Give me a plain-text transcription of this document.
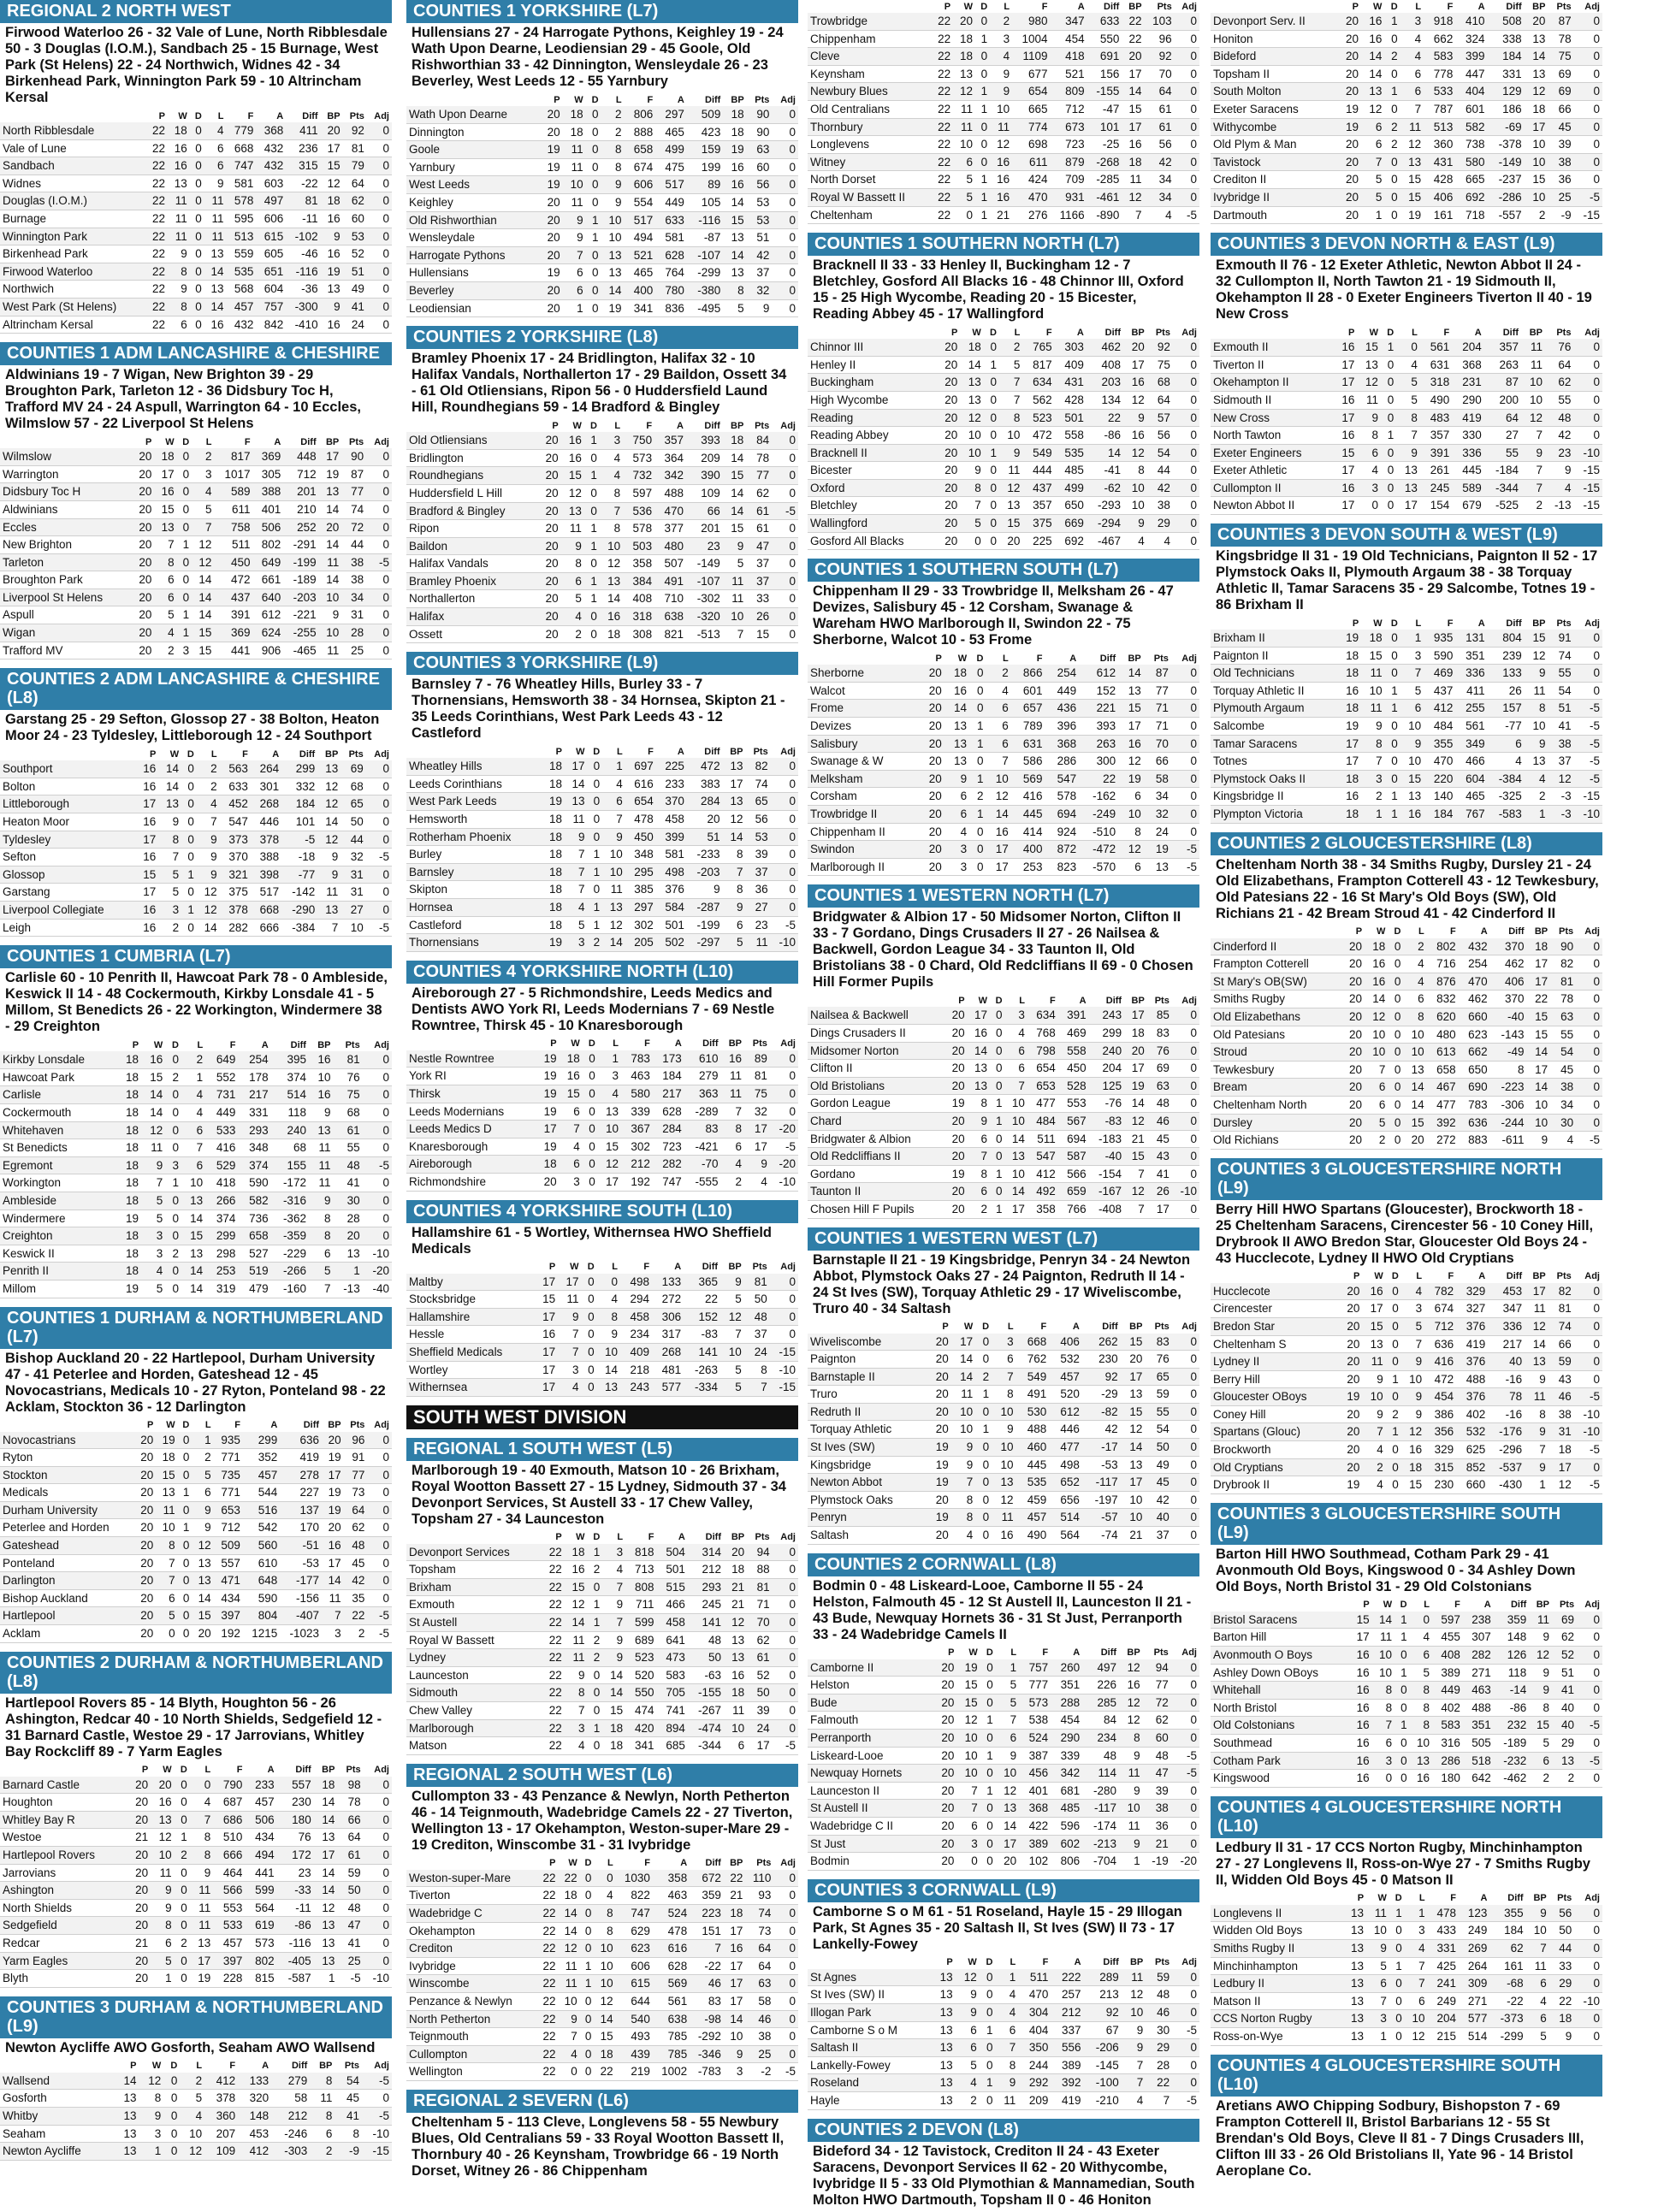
REGIONAL 2 NORTH WEST
Firwood Waterloo 26 - 32 Vale of Lune, North Ribblesdale 50 - 3 Douglas (I.O.M.), Sandbach 25 - 15 Burnage, West Park (St Helens) 22 - 24 Northwich, Widnes 42 - 34 Birkenhead Park, Winnington Park 59 - 10 Altrincham Kersal
	P	W	D	L	F	A	Diff	BP	Pts	Adj
North Ribblesdale	22	18	0	4	779	368	411	20	92	0
Vale of Lune	22	16	0	6	668	432	236	17	81	0
Sandbach	22	16	0	6	747	432	315	15	79	0
Widnes	22	13	0	9	581	603	-22	12	64	0
Douglas (I.O.M.)	22	11	0	11	578	497	81	18	62	0
Burnage	22	11	0	11	595	606	-11	16	60	0
Winnington Park	22	11	0	11	513	615	-102	9	53	0
Birkenhead Park	22	9	0	13	559	605	-46	16	52	0
Firwood Waterloo	22	8	0	14	535	651	-116	19	51	0
Northwich	22	9	0	13	568	604	-36	13	49	0
West Park (St Helens)	22	8	0	14	457	757	-300	9	41	0
Altrincham Kersal	22	6	0	16	432	842	-410	16	24	0
COUNTIES 1 ADM LANCASHIRE & CHESHIRE
Aldwinians 19 - 7 Wigan, New Brighton 39 - 29 Broughton Park, Tarleton 12 - 36 Didsbury Toc H, Trafford MV 24 - 24 Aspull, Warrington 64 - 10 Eccles, Wilmslow 57 - 22 Liverpool St Helens
	P	W	D	L	F	A	Diff	BP	Pts	Adj
Wilmslow	20	18	0	2	817	369	448	17	90	0
Warrington	20	17	0	3	1017	305	712	19	87	0
Didsbury Toc H	20	16	0	4	589	388	201	13	77	0
Aldwinians	20	15	0	5	611	401	210	14	74	0
Eccles	20	13	0	7	758	506	252	20	72	0
New Brighton	20	7	1	12	511	802	-291	14	44	0
Tarleton	20	8	0	12	450	649	-199	11	38	-5
Broughton Park	20	6	0	14	472	661	-189	14	38	0
Liverpool St Helens	20	6	0	14	437	640	-203	10	34	0
Aspull	20	5	1	14	391	612	-221	9	31	0
Wigan	20	4	1	15	369	624	-255	10	28	0
Trafford MV	20	2	3	15	441	906	-465	11	25	0
COUNTIES 2 ADM LANCASHIRE & CHESHIRE (L8)
Garstang 25 - 29 Sefton, Glossop 27 - 38 Bolton, Heaton Moor 24 - 23 Tyldesley, Littleborough 12 - 24 Southport
	P	W	D	L	F	A	Diff	BP	Pts	Adj
Southport	16	14	0	2	563	264	299	13	69	0
Bolton	16	14	0	2	633	301	332	12	68	0
Littleborough	17	13	0	4	452	268	184	12	65	0
Heaton Moor	16	9	0	7	547	446	101	14	50	0
Tyldesley	17	8	0	9	373	378	-5	12	44	0
Sefton	16	7	0	9	370	388	-18	9	32	-5
Glossop	15	5	1	9	321	398	-77	9	31	0
Garstang	17	5	0	12	375	517	-142	11	31	0
Liverpool Collegiate	16	3	1	12	378	668	-290	13	27	0
Leigh	16	2	0	14	282	666	-384	7	10	-5
COUNTIES 1 CUMBRIA (L7)
Carlisle 60 - 10 Penrith II, Hawcoat Park 78 - 0 Ambleside, Keswick II 14 - 48 Cockermouth, Kirkby Lonsdale 41 - 5 Millom, St Benedicts 26 - 22 Workington, Windermere 38 - 29 Creighton
	P	W	D	L	F	A	Diff	BP	Pts	Adj
Kirkby Lonsdale	18	16	0	2	649	254	395	16	81	0
Hawcoat Park	18	15	2	1	552	178	374	10	76	0
Carlisle	18	14	0	4	731	217	514	16	75	0
Cockermouth	18	14	0	4	449	331	118	9	68	0
Whitehaven	18	12	0	6	533	293	240	13	61	0
St Benedicts	18	11	0	7	416	348	68	11	55	0
Egremont	18	9	3	6	529	374	155	11	48	-5
Workington	18	7	1	10	418	590	-172	11	41	0
Ambleside	18	5	0	13	266	582	-316	9	30	0
Windermere	19	5	0	14	374	736	-362	8	28	0
Creighton	18	3	0	15	299	658	-359	8	20	0
Keswick II	18	3	2	13	298	527	-229	6	13	-10
Penrith II	18	4	0	14	253	519	-266	5	1	-20
Millom	19	5	0	14	319	479	-160	7	-13	-40
COUNTIES 1 DURHAM & NORTHUMBERLAND (L7)
Bishop Auckland 20 - 22 Hartlepool, Durham University 47 - 41 Peterlee and Horden, Gateshead 12 - 45 Novocastrians, Medicals 10 - 27 Ryton, Ponteland 98 - 22 Acklam, Stockton 36 - 12 Darlington
	P	W	D	L	F	A	Diff	BP	Pts	Adj
Novocastrians	20	19	0	1	935	299	636	20	96	0
Ryton	20	18	0	2	771	352	419	19	91	0
Stockton	20	15	0	5	735	457	278	17	77	0
Medicals	20	13	1	6	771	544	227	19	73	0
Durham University	20	11	0	9	653	516	137	19	64	0
Peterlee and Horden	20	10	1	9	712	542	170	20	62	0
Gateshead	20	8	0	12	509	560	-51	16	48	0
Ponteland	20	7	0	13	557	610	-53	17	45	0
Darlington	20	7	0	13	471	648	-177	14	42	0
Bishop Auckland	20	6	0	14	434	590	-156	11	35	0
Hartlepool	20	5	0	15	397	804	-407	7	22	-5
Acklam	20	0	0	20	192	1215	-1023	3	2	-5
COUNTIES 2 DURHAM & NORTHUMBERLAND (L8)
Hartlepool Rovers 85 - 14 Blyth, Houghton 56 - 26 Ashington, Redcar 40 - 10 North Shields, Sedgefield 12 - 31 Barnard Castle, Westoe 29 - 17 Jarrovians, Whitley Bay Rockcliff 89 - 7 Yarm Eagles
	P	W	D	L	F	A	Diff	BP	Pts	Adj
Barnard Castle	20	20	0	0	790	233	557	18	98	0
Houghton	20	16	0	4	687	457	230	14	78	0
Whitley Bay R	20	13	0	7	686	506	180	14	66	0
Westoe	21	12	1	8	510	434	76	13	64	0
Hartlepool Rovers	20	10	2	8	666	494	172	17	61	0
Jarrovians	20	11	0	9	464	441	23	14	59	0
Ashington	20	9	0	11	566	599	-33	14	50	0
North Shields	20	9	0	11	553	564	-11	12	48	0
Sedgefield	20	8	0	11	533	619	-86	13	47	0
Redcar	21	6	2	13	457	573	-116	13	41	0
Yarm Eagles	20	5	0	17	397	802	-405	13	25	0
Blyth	20	1	0	19	228	815	-587	1	-5	-10
COUNTIES 3 DURHAM & NORTHUMBERLAND (L9)
Newton Aycliffe AWO Gosforth, Seaham AWO Wallsend
	P	W	D	L	F	A	Diff	BP	Pts	Adj
Wallsend	14	12	0	2	412	133	279	8	54	-5
Gosforth	13	8	0	5	378	320	58	11	45	0
Whitby	13	9	0	4	360	148	212	8	41	-5
Seaham	13	3	0	10	207	453	-246	6	8	-10
Newton Aycliffe	13	1	0	12	109	412	-303	2	-9	-15
COUNTIES 1 YORKSHIRE (L7)
Hullensians 27 - 24 Harrogate Pythons, Keighley 19 - 24 Wath Upon Dearne, Leodiensian 29 - 45 Goole, Old Rishworthian 33 - 42 Dinnington, Wensleydale 26 - 23 Beverley, West Leeds 12 - 55 Yarnbury
	P	W	D	L	F	A	Diff	BP	Pts	Adj
Wath Upon Dearne	20	18	0	2	806	297	509	18	90	0
Dinnington	20	18	0	2	888	465	423	18	90	0
Goole	19	11	0	8	658	499	159	19	63	0
Yarnbury	19	11	0	8	674	475	199	16	60	0
West Leeds	19	10	0	9	606	517	89	16	56	0
Keighley	20	11	0	9	554	449	105	14	53	0
Old Rishworthian	20	9	1	10	517	633	-116	15	53	0
Wensleydale	20	9	1	10	494	581	-87	13	51	0
Harrogate Pythons	20	7	0	13	521	628	-107	14	42	0
Hullensians	19	6	0	13	465	764	-299	13	37	0
Beverley	20	6	0	14	400	780	-380	8	32	0
Leodiensian	20	1	0	19	341	836	-495	5	9	0
COUNTIES 2 YORKSHIRE (L8)
Bramley Phoenix 17 - 24 Bridlington, Halifax 32 - 10 Halifax Vandals, Northallerton 17 - 29 Baildon, Ossett 34 - 61 Old Otliensians, Ripon 56 - 0 Huddersfield Laund Hill, Roundhegians 59 - 14 Bradford & Bingley
	P	W	D	L	F	A	Diff	BP	Pts	Adj
Old Otliensians	20	16	1	3	750	357	393	18	84	0
Bridlington	20	16	0	4	573	364	209	14	78	0
Roundhegians	20	15	1	4	732	342	390	15	77	0
Huddersfield L Hill	20	12	0	8	597	488	109	14	62	0
Bradford & Bingley	20	13	0	7	536	470	66	14	61	-5
Ripon	20	11	1	8	578	377	201	15	61	0
Baildon	20	9	1	10	503	480	23	9	47	0
Halifax Vandals	20	8	0	12	358	507	-149	5	37	0
Bramley Phoenix	20	6	1	13	384	491	-107	11	37	0
Northallerton	20	5	1	14	408	710	-302	11	33	0
Halifax	20	4	0	16	318	638	-320	10	26	0
Ossett	20	2	0	18	308	821	-513	7	15	0
COUNTIES 3 YORKSHIRE (L9)
Barnsley 7 - 76 Wheatley Hills, Burley 33 - 7 Thornensians, Hemsworth 38 - 34 Hornsea, Skipton 21 - 35 Leeds Corinthians, West Park Leeds 43 - 12 Castleford
	P	W	D	L	F	A	Diff	BP	Pts	Adj
Wheatley Hills	18	17	0	1	697	225	472	13	82	0
Leeds Corinthians	18	14	0	4	616	233	383	17	74	0
West Park Leeds	19	13	0	6	654	370	284	13	65	0
Hemsworth	18	11	0	7	478	458	20	12	56	0
Rotherham Phoenix	18	9	0	9	450	399	51	14	53	0
Burley	18	7	1	10	348	581	-233	8	39	0
Barnsley	18	7	1	10	295	498	-203	7	37	0
Skipton	18	7	0	11	385	376	9	8	36	0
Hornsea	18	4	1	13	297	584	-287	9	27	0
Castleford	18	5	1	12	302	501	-199	6	23	-5
Thornensians	19	3	2	14	205	502	-297	5	11	-10
COUNTIES 4 YORKSHIRE NORTH (L10)
Aireborough 27 - 5 Richmondshire, Leeds Medics and Dentists AWO York RI, Leeds Modernians 7 - 69 Nestle Rowntree, Thirsk 45 - 10 Knaresborough
	P	W	D	L	F	A	Diff	BP	Pts	Adj
Nestle Rowntree	19	18	0	1	783	173	610	16	89	0
York RI	19	16	0	3	463	184	279	11	81	0
Thirsk	19	15	0	4	580	217	363	11	75	0
Leeds Modernians	19	6	0	13	339	628	-289	7	32	0
Leeds Medics D	17	7	0	10	367	284	83	8	17	-20
Knaresborough	19	4	0	15	302	723	-421	6	17	-5
Aireborough	18	6	0	12	212	282	-70	4	9	-20
Richmondshire	20	3	0	17	192	747	-555	2	4	-10
COUNTIES 4 YORKSHIRE SOUTH (L10)
Hallamshire 61 - 5 Wortley, Withernsea HWO Sheffield Medicals
	P	W	D	L	F	A	Diff	BP	Pts	Adj
Maltby	17	17	0	0	498	133	365	9	81	0
Stocksbridge	15	11	0	4	294	272	22	5	50	0
Hallamshire	17	9	0	8	458	306	152	12	48	0
Hessle	16	7	0	9	234	317	-83	7	37	0
Sheffield Medicals	17	7	0	10	409	268	141	10	24	-15
Wortley	17	3	0	14	218	481	-263	5	8	-10
Withernsea	17	4	0	13	243	577	-334	5	7	-15
SOUTH WEST DIVISION
REGIONAL 1 SOUTH WEST (L5)
Marlborough 19 - 40 Exmouth, Matson 10 - 26 Brixham, Royal Wootton Bassett 27 - 15 Lydney, Sidmouth 37 - 34 Devonport Services, St Austell 33 - 17 Chew Valley, Topsham 27 - 34 Launceston
	P	W	D	L	F	A	Diff	BP	Pts	Adj
Devonport Services	22	18	1	3	818	504	314	20	94	0
Topsham	22	16	2	4	713	501	212	18	88	0
Brixham	22	15	0	7	808	515	293	21	81	0
Exmouth	22	12	1	9	711	466	245	21	71	0
St Austell	22	14	1	7	599	458	141	12	70	0
Royal W Bassett	22	11	2	9	689	641	48	13	62	0
Lydney	22	11	2	9	523	473	50	13	61	0
Launceston	22	9	0	14	520	583	-63	16	52	0
Sidmouth	22	8	0	14	550	705	-155	18	50	0
Chew Valley	22	7	0	15	474	741	-267	11	39	0
Marlborough	22	3	1	18	420	894	-474	10	24	0
Matson	22	4	0	18	341	685	-344	6	17	-5
REGIONAL 2 SOUTH WEST (L6)
Cullompton 33 - 43 Penzance & Newlyn, North Petherton 46 - 14 Teignmouth, Wadebridge Camels 22 - 27 Tiverton, Wellington 13 - 17 Okehampton, Weston-super-Mare 29 - 19 Crediton, Winscombe 31 - 31 Ivybridge
	P	W	D	L	F	A	Diff	BP	Pts	Adj
Weston-super-Mare	22	22	0	0	1030	358	672	22	110	0
Tiverton	22	18	0	4	822	463	359	21	93	0
Wadebridge C	22	14	0	8	747	524	223	18	74	0
Okehampton	22	14	0	8	629	478	151	17	73	0
Crediton	22	12	0	10	623	616	7	16	64	0
Ivybridge	22	11	1	10	606	628	-22	17	64	0
Winscombe	22	11	1	10	615	569	46	17	63	0
Penzance & Newlyn	22	10	0	12	644	561	83	17	58	0
North Petherton	22	9	0	14	540	638	-98	14	46	0
Teignmouth	22	7	0	15	493	785	-292	10	38	0
Cullompton	22	4	0	18	439	785	-346	9	25	0
Wellington	22	0	0	22	219	1002	-783	3	-2	-5
REGIONAL 2 SEVERN (L6)
Cheltenham 5 - 113 Cleve, Longlevens 58 - 55 Newbury Blues, Old Centralians 59 - 33 Royal Wootton Bassett II, Thornbury 40 - 26 Keynsham, Trowbridge 66 - 19 North Dorset, Witney 26 - 86 Chippenham
	P	W	D	L	F	A	Diff	BP	Pts	Adj
Trowbridge	22	20	0	2	980	347	633	22	103	0
Chippenham	22	18	1	3	1004	454	550	22	96	0
Cleve	22	18	0	4	1109	418	691	20	92	0
Keynsham	22	13	0	9	677	521	156	17	70	0
Newbury Blues	22	12	1	9	654	809	-155	14	64	0
Old Centralians	22	11	1	10	665	712	-47	15	61	0
Thornbury	22	11	0	11	774	673	101	17	61	0
Longlevens	22	10	0	12	698	723	-25	16	56	0
Witney	22	6	0	16	611	879	-268	18	42	0
North Dorset	22	5	1	16	424	709	-285	11	34	0
Royal W Bassett II	22	5	1	16	470	931	-461	12	34	0
Cheltenham	22	0	1	21	276	1166	-890	7	4	-5
COUNTIES 1 SOUTHERN NORTH (L7)
Bracknell II 33 - 33 Henley II, Buckingham 12 - 7 Bletchley, Gosford All Blacks 16 - 48 Chinnor III, Oxford 15 - 25 High Wycombe, Reading 20 - 15 Bicester, Reading Abbey 45 - 17 Wallingford
	P	W	D	L	F	A	Diff	BP	Pts	Adj
Chinnor III	20	18	0	2	765	303	462	20	92	0
Henley II	20	14	1	5	817	409	408	17	75	0
Buckingham	20	13	0	7	634	431	203	16	68	0
High Wycombe	20	13	0	7	562	428	134	12	64	0
Reading	20	12	0	8	523	501	22	9	57	0
Reading Abbey	20	10	0	10	472	558	-86	16	56	0
Bracknell II	20	10	1	9	549	535	14	12	54	0
Bicester	20	9	0	11	444	485	-41	8	44	0
Oxford	20	8	0	12	437	499	-62	10	42	0
Bletchley	20	7	0	13	357	650	-293	10	38	0
Wallingford	20	5	0	15	375	669	-294	9	29	0
Gosford All Blacks	20	0	0	20	225	692	-467	4	4	0
COUNTIES 1 SOUTHERN SOUTH (L7)
Chippenham II 29 - 33 Trowbridge II, Melksham 26 - 47 Devizes, Salisbury 45 - 12 Corsham, Swanage & Wareham HWO Marlborough II, Swindon 22 - 75 Sherborne, Walcot 10 - 53 Frome
	P	W	D	L	F	A	Diff	BP	Pts	Adj
Sherborne	20	18	0	2	866	254	612	14	87	0
Walcot	20	16	0	4	601	449	152	13	77	0
Frome	20	14	0	6	657	436	221	15	71	0
Devizes	20	13	1	6	789	396	393	17	71	0
Salisbury	20	13	1	6	631	368	263	16	70	0
Swanage & W	20	13	0	7	586	286	300	12	66	0
Melksham	20	9	1	10	569	547	22	19	58	0
Corsham	20	6	2	12	416	578	-162	6	34	0
Trowbridge II	20	6	1	14	445	694	-249	10	32	0
Chippenham II	20	4	0	16	414	924	-510	8	24	0
Swindon	20	3	0	17	400	872	-472	12	19	-5
Marlborough II	20	3	0	17	253	823	-570	6	13	-5
COUNTIES 1 WESTERN NORTH (L7)
Bridgwater & Albion 17 - 50 Midsomer Norton, Clifton II 33 - 7 Gordano, Dings Crusaders II 27 - 26 Nailsea & Backwell, Gordon League 34 - 33 Taunton II, Old Bristolians 38 - 0 Chard, Old Redcliffians II 69 - 0 Chosen Hill Former Pupils
	P	W	D	L	F	A	Diff	BP	Pts	Adj
Nailsea & Backwell	20	17	0	3	634	391	243	17	85	0
Dings Crusaders II	20	16	0	4	768	469	299	18	83	0
Midsomer Norton	20	14	0	6	798	558	240	20	76	0
Clifton II	20	13	0	6	654	450	204	17	69	0
Old Bristolians	20	13	0	7	653	528	125	19	63	0
Gordon League	19	8	1	10	477	553	-76	14	48	0
Chard	20	9	1	10	484	567	-83	12	46	0
Bridgwater & Albion	20	6	0	14	511	694	-183	21	45	0
Old Redcliffians II	20	7	0	13	547	587	-40	15	43	0
Gordano	19	8	1	10	412	566	-154	7	41	0
Taunton II	20	6	0	14	492	659	-167	12	26	-10
Chosen Hill F Pupils	20	2	1	17	358	766	-408	7	17	0
COUNTIES 1 WESTERN WEST (L7)
Barnstaple II 21 - 19 Kingsbridge, Penryn 34 - 24 Newton Abbot, Plymstock Oaks 27 - 24 Paignton, Redruth II 14 - 24 St Ives (SW), Torquay Athletic 29 - 17 Wiveliscombe, Truro 40 - 34 Saltash
	P	W	D	L	F	A	Diff	BP	Pts	Adj
Wiveliscombe	20	17	0	3	668	406	262	15	83	0
Paignton	20	14	0	6	762	532	230	20	76	0
Barnstaple II	20	14	2	7	549	457	92	17	65	0
Truro	20	11	1	8	491	520	-29	13	59	0
Redruth II	20	10	0	10	530	612	-82	15	55	0
Torquay Athletic	20	10	1	9	488	446	42	12	54	0
St Ives (SW)	19	9	0	10	460	477	-17	14	50	0
Kingsbridge	19	9	0	10	445	498	-53	13	49	0
Newton Abbot	19	7	0	13	535	652	-117	17	45	0
Plymstock Oaks	20	8	0	12	459	656	-197	10	42	0
Penryn	19	8	0	11	457	514	-57	10	40	0
Saltash	20	4	0	16	490	564	-74	21	37	0
COUNTIES 2 CORNWALL (L8)
Bodmin 0 - 48 Liskeard-Looe, Camborne II 55 - 24 Helston, Falmouth 45 - 12 St Austell II, Launceston II 21 - 43 Bude, Newquay Hornets 36 - 31 St Just, Perranporth 33 - 24 Wadebridge Camels II
	P	W	D	L	F	A	Diff	BP	Pts	Adj
Camborne II	20	19	0	1	757	260	497	12	94	0
Helston	20	15	0	5	777	351	226	16	77	0
Bude	20	15	0	5	573	288	285	12	72	0
Falmouth	20	12	1	7	538	454	84	12	62	0
Perranporth	20	10	0	6	524	290	234	8	60	0
Liskeard-Looe	20	10	1	9	387	339	48	9	48	-5
Newquay Hornets	20	10	0	10	456	342	114	11	47	-5
Launceston II	20	7	1	12	401	681	-280	9	39	0
St Austell II	20	7	0	13	368	485	-117	10	38	0
Wadebridge C II	20	6	0	14	422	596	-174	11	36	0
St Just	20	3	0	17	389	602	-213	9	21	0
Bodmin	20	0	0	20	102	806	-704	1	-19	-20
COUNTIES 3 CORNWALL (L9)
Camborne S o M 61 - 51 Roseland, Hayle 15 - 29 Illogan Park, St Agnes 35 - 20 Saltash II, St Ives (SW) II 73 - 17 Lankelly-Fowey
	P	W	D	L	F	A	Diff	BP	Pts	Adj
St Agnes	13	12	0	1	511	222	289	11	59	0
St Ives (SW) II	13	9	0	4	470	257	213	12	48	0
Illogan Park	13	9	0	4	304	212	92	10	46	0
Camborne S o M	13	6	1	6	404	337	67	9	30	-5
Saltash II	13	6	0	7	350	556	-206	9	29	0
Lankelly-Fowey	13	5	0	8	244	389	-145	7	28	0
Roseland	13	4	1	9	292	392	-100	7	22	0
Hayle	13	2	0	11	209	419	-210	4	7	-5
COUNTIES 2 DEVON (L8)
Bideford 34 - 12 Tavistock, Crediton II 24 - 43 Exeter Saracens, Devonport Services II 62 - 20 Withycombe, Ivybridge II 5 - 33 Old Plymothian & Mannamedian, South Molton HWO Dartmouth, Topsham II 0 - 46 Honiton
	P	W	D	L	F	A	Diff	BP	Pts	Adj
Devonport Serv. II	20	16	1	3	918	410	508	20	87	0
Honiton	20	16	0	4	662	324	338	13	78	0
Bideford	20	14	2	4	583	399	184	14	75	0
Topsham II	20	14	0	6	778	447	331	13	69	0
South Molton	20	13	1	6	533	404	129	12	69	0
Exeter Saracens	19	12	0	7	787	601	186	18	66	0
Withycombe	19	6	2	11	513	582	-69	17	45	0
Old Plym & Man	20	6	2	12	360	738	-378	10	39	0
Tavistock	20	7	0	13	431	580	-149	10	38	0
Crediton II	20	5	0	15	428	665	-237	15	36	0
Ivybridge II	20	5	0	15	406	692	-286	10	25	-5
Dartmouth	20	1	0	19	161	718	-557	2	-9	-15
COUNTIES 3 DEVON NORTH & EAST (L9)
Exmouth II 76 - 12 Exeter Athletic, Newton Abbot II 24 - 32 Cullompton II, North Tawton 21 - 19 Sidmouth II, Okehampton II 28 - 0 Exeter Engineers Tiverton II 40 - 19 New Cross
	P	W	D	L	F	A	Diff	BP	Pts	Adj
Exmouth II	16	15	1	0	561	204	357	11	76	0
Tiverton II	17	13	0	4	631	368	263	11	64	0
Okehampton II	17	12	0	5	318	231	87	10	62	0
Sidmouth II	16	11	0	5	490	290	200	10	55	0
New Cross	17	9	0	8	483	419	64	12	48	0
North Tawton	16	8	1	7	357	330	27	7	42	0
Exeter Engineers	15	6	0	9	391	336	55	9	23	-10
Exeter Athletic	17	4	0	13	261	445	-184	7	9	-15
Cullompton II	16	3	0	13	245	589	-344	7	4	-15
Newton Abbot II	17	0	0	17	154	679	-525	2	-13	-15
COUNTIES 3 DEVON SOUTH & WEST (L9)
Kingsbridge II 31 - 19 Old Technicians, Paignton II 52 - 17 Plymstock Oaks II, Plymouth Argaum 38 - 38 Torquay Athletic II, Tamar Saracens 35 - 29 Salcombe, Totnes 19 - 86 Brixham II
	P	W	D	L	F	A	Diff	BP	Pts	Adj
Brixham II	19	18	0	1	935	131	804	15	91	0
Paignton II	18	15	0	3	590	351	239	12	74	0
Old Technicians	18	11	0	7	469	336	133	9	55	0
Torquay Athletic II	16	10	1	5	437	411	26	11	54	0
Plymouth Argaum	18	11	1	6	412	255	157	8	51	-5
Salcombe	19	9	0	10	484	561	-77	10	41	-5
Tamar Saracens	17	8	0	9	355	349	6	9	38	-5
Totnes	17	7	0	10	470	466	4	13	37	-5
Plymstock Oaks II	18	3	0	15	220	604	-384	4	12	-5
Kingsbridge II	16	2	1	13	140	465	-325	2	-3	-15
Plympton Victoria	18	1	1	16	184	767	-583	1	-3	-10
COUNTIES 2 GLOUCESTERSHIRE (L8)
Cheltenham North 38 - 34 Smiths Rugby, Dursley 21 - 24 Old Elizabethans, Frampton Cotterell 43 - 12 Tewkesbury, Old Patesians 22 - 16 St Mary's Old Boys (SW), Old Richians 21 - 42 Bream Stroud 41 - 42 Cinderford II
	P	W	D	L	F	A	Diff	BP	Pts	Adj
Cinderford II	20	18	0	2	802	432	370	18	90	0
Frampton Cotterell	20	16	0	4	716	254	462	17	82	0
St Mary's OB(SW)	20	16	0	4	876	470	406	17	81	0
Smiths Rugby	20	14	0	6	832	462	370	22	78	0
Old Elizabethans	20	12	0	8	620	660	-40	15	63	0
Old Patesians	20	10	0	10	480	623	-143	15	55	0
Stroud	20	10	0	10	613	662	-49	14	54	0
Tewkesbury	20	7	0	13	658	650	8	17	45	0
Bream	20	6	0	14	467	690	-223	14	38	0
Cheltenham North	20	6	0	14	477	783	-306	10	34	0
Dursley	20	5	0	15	392	636	-244	10	30	0
Old Richians	20	2	0	20	272	883	-611	9	4	-5
COUNTIES 3 GLOUCESTERSHIRE NORTH (L9)
Berry Hill HWO Spartans (Gloucester), Brockworth 18 - 25 Cheltenham Saracens, Cirencester 56 - 10 Coney Hill, Drybrook II AWO Bredon Star, Gloucester Old Boys 24 - 43 Hucclecote, Lydney II HWO Old Cryptians
	P	W	D	L	F	A	Diff	BP	Pts	Adj
Hucclecote	20	16	0	4	782	329	453	17	82	0
Cirencester	20	17	0	3	674	327	347	11	81	0
Bredon Star	20	15	0	5	712	376	336	12	74	0
Cheltenham S	20	13	0	7	636	419	217	14	66	0
Lydney II	20	11	0	9	416	376	40	13	59	0
Berry Hill	20	9	1	10	472	488	-16	9	43	0
Gloucester OBoys	19	10	0	9	454	376	78	11	46	-5
Coney Hill	20	9	2	9	386	402	-16	8	38	-10
Spartans (Glouc)	20	7	1	12	356	532	-176	9	31	-10
Brockworth	20	4	0	16	329	625	-296	7	18	-5
Old Cryptians	20	2	0	18	315	852	-537	9	17	0
Drybrook II	19	4	0	15	230	660	-430	1	12	-5
COUNTIES 3 GLOUCESTERSHIRE SOUTH (L9)
Barton Hill HWO Southmead, Cotham Park 29 - 41 Avonmouth Old Boys, Kingswood 0 - 34 Ashley Down Old Boys, North Bristol 31 - 29 Old Colstonians
	P	W	D	L	F	A	Diff	BP	Pts	Adj
Bristol Saracens	15	14	1	0	597	238	359	11	69	0
Barton Hill	17	11	1	4	455	307	148	9	62	0
Avonmouth O Boys	16	10	0	6	408	282	126	12	52	0
Ashley Down OBoys	16	10	1	5	389	271	118	9	51	0
Whitehall	16	8	0	8	449	463	-14	9	41	0
North Bristol	16	8	0	8	402	488	-86	8	40	0
Old Colstonians	16	7	1	8	583	351	232	15	40	-5
Southmead	16	6	0	10	316	505	-189	5	29	0
Cotham Park	16	3	0	13	286	518	-232	6	13	-5
Kingswood	16	0	0	16	180	642	-462	2	2	0
COUNTIES 4 GLOUCESTERSHIRE NORTH (L10)
Ledbury II 31 - 17 CCS Norton Rugby, Minchinhampton 27 - 27 Longlevens II, Ross-on-Wye 27 - 7 Smiths Rugby II, Widden Old Boys 45 - 0 Matson II
	P	W	D	L	F	A	Diff	BP	Pts	Adj
Longlevens II	13	11	1	1	478	123	355	9	56	0
Widden Old Boys	13	10	0	3	433	249	184	10	50	0
Smiths Rugby II	13	9	0	4	331	269	62	7	44	0
Minchinhampton	13	5	1	7	425	264	161	11	33	0
Ledbury II	13	6	0	7	241	309	-68	6	29	0
Matson II	13	7	0	6	249	271	-22	4	22	-10
CCS Norton Rugby	13	3	0	10	204	577	-373	6	18	0
Ross-on-Wye	13	1	0	12	215	514	-299	5	9	0
COUNTIES 4 GLOUCESTERSHIRE SOUTH (L10)
Aretians AWO Chipping Sodbury, Bishopston 7 - 69 Frampton Cotterell II, Bristol Barbarians 12 - 55 St Brendan's Old Boys, Cleve II 81 - 7 Dings Crusaders III, Clifton III 33 - 26 Old Bristolians II, Yate 96 - 14 Bristol Aeroplane Co.
